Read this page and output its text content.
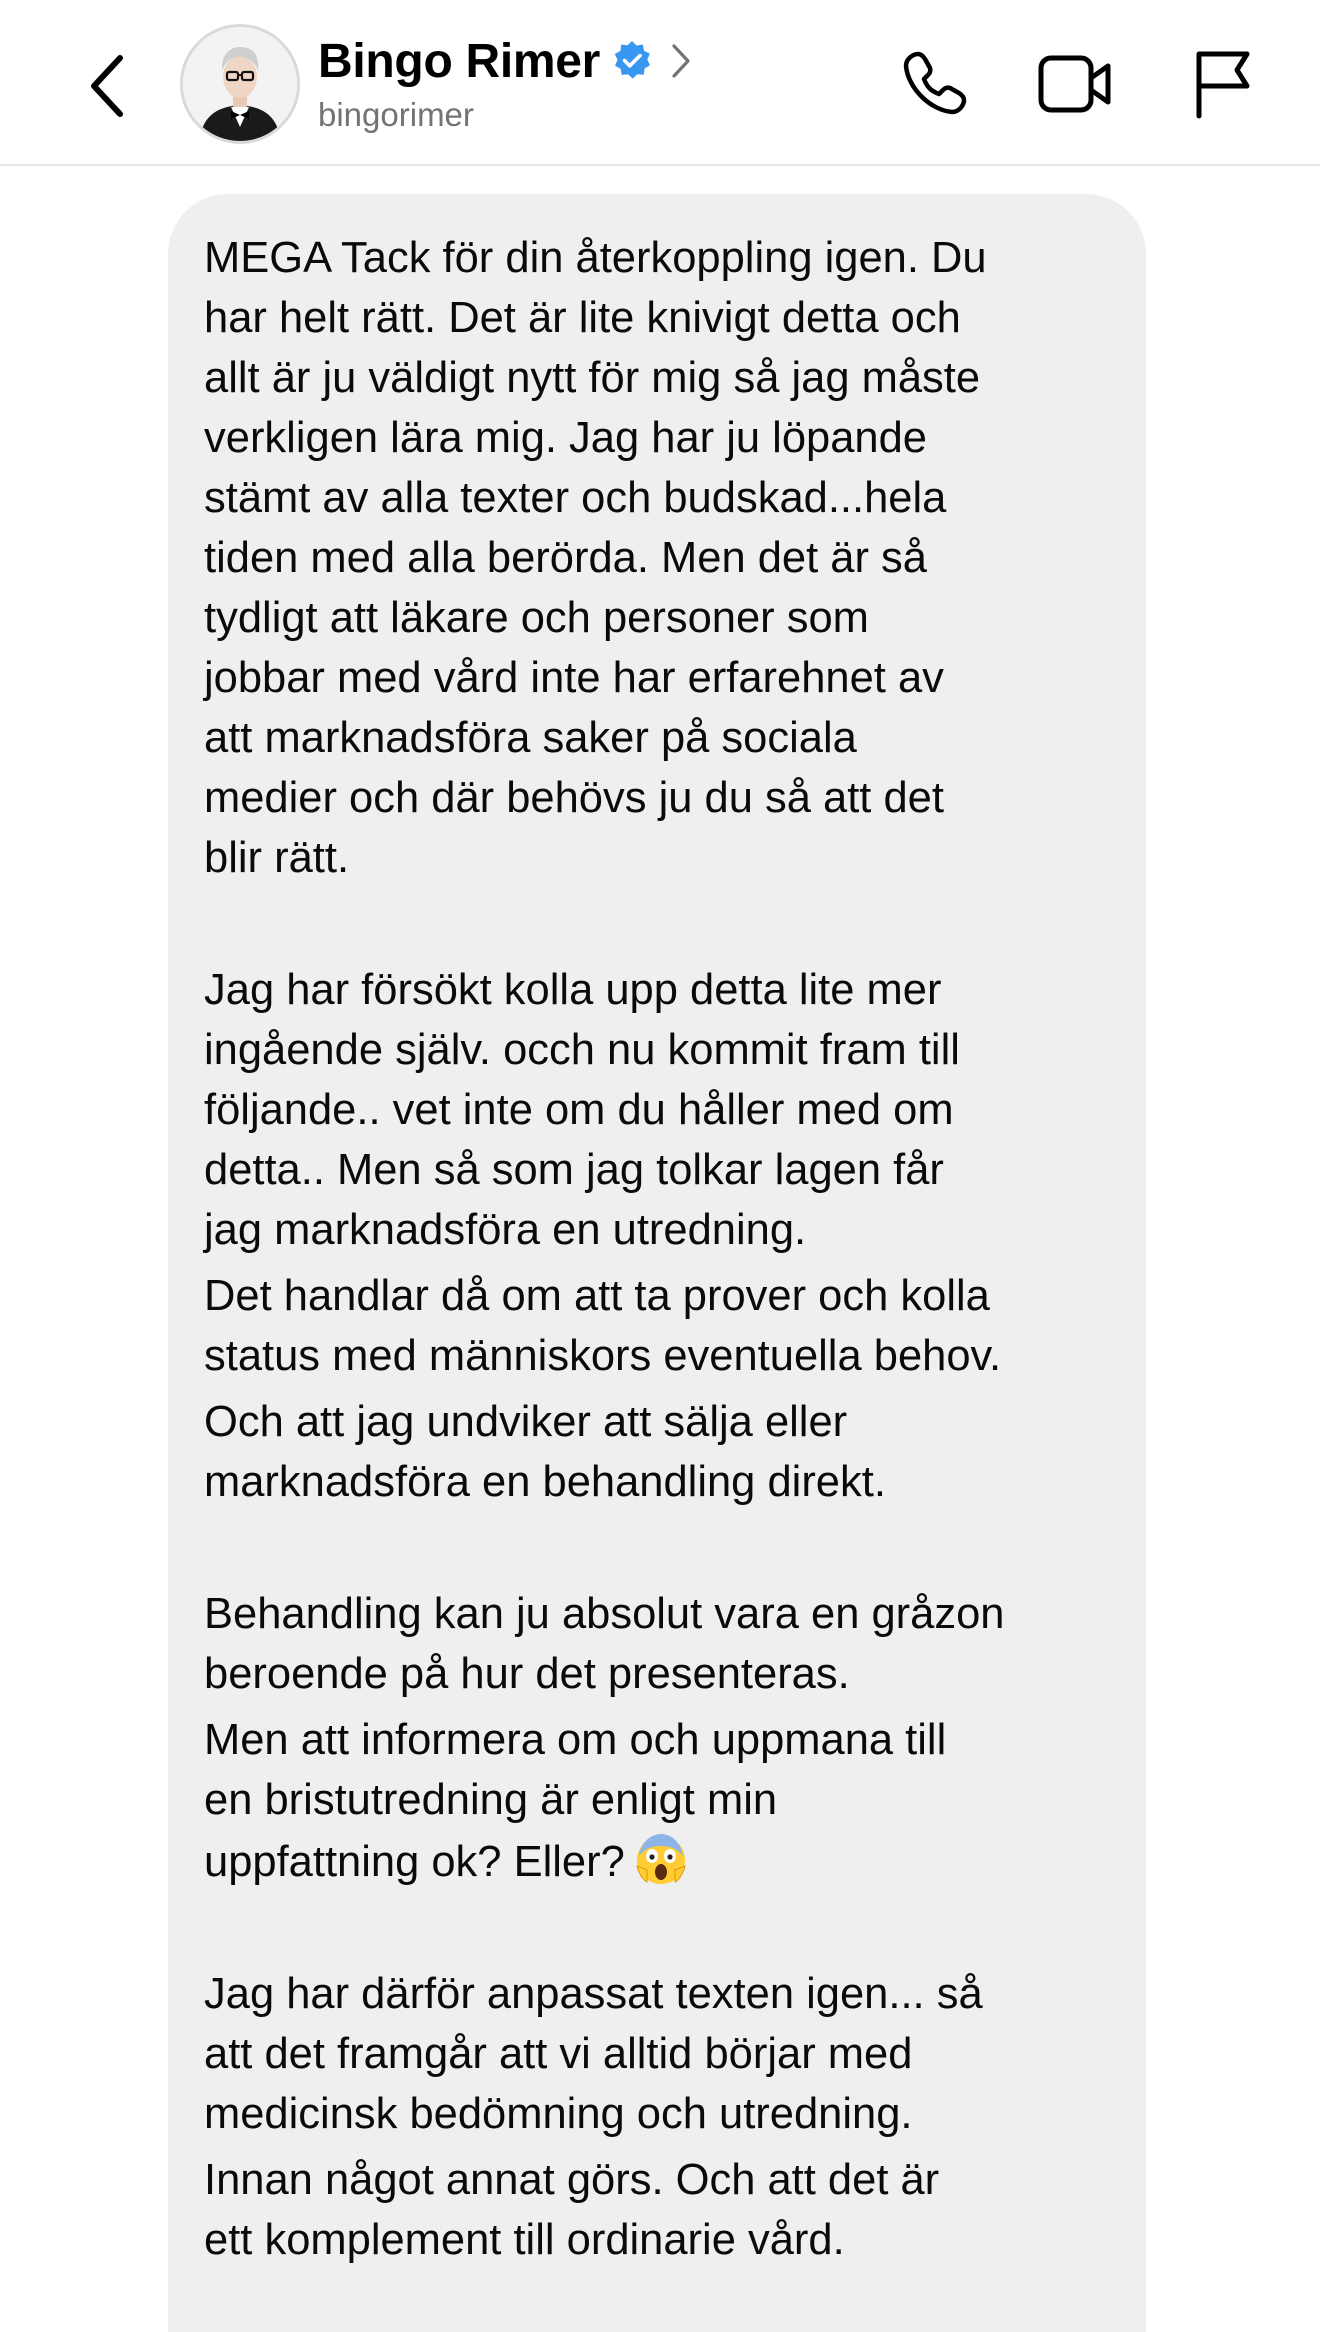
Bingo Rimer
bingorimer

MEGA Tack för din återkoppling igen. Du
har helt rätt. Det är lite knivigt detta och
allt är ju väldigt nytt för mig så jag måste
verkligen lära mig. Jag har ju löpande
stämt av alla texter och budskad...hela
tiden med alla berörda. Men det är så
tydligt att läkare och personer som
jobbar med vård inte har erfarehnet av
att marknadsföra saker på sociala
medier och där behövs ju du så att det
blir rätt.

Jag har försökt kolla upp detta lite mer
ingående själv. occh nu kommit fram till
följande.. vet inte om du håller med om
detta.. Men så som jag tolkar lagen får
jag marknadsföra en utredning.

Det handlar då om att ta prover och kolla
status med människors eventuella behov.

Och att jag undviker att sälja eller
marknadsföra en behandling direkt.

Behandling kan ju absolut vara en gråzon
beroende på hur det presenteras.

Men att informera om och uppmana till
en bristutredning är enligt min
uppfattning ok? Eller?

Jag har därför anpassat texten igen... så
att det framgår att vi alltid börjar med
medicinsk bedömning och utredning.

Innan något annat görs. Och att det är
ett komplement till ordinarie vård.
